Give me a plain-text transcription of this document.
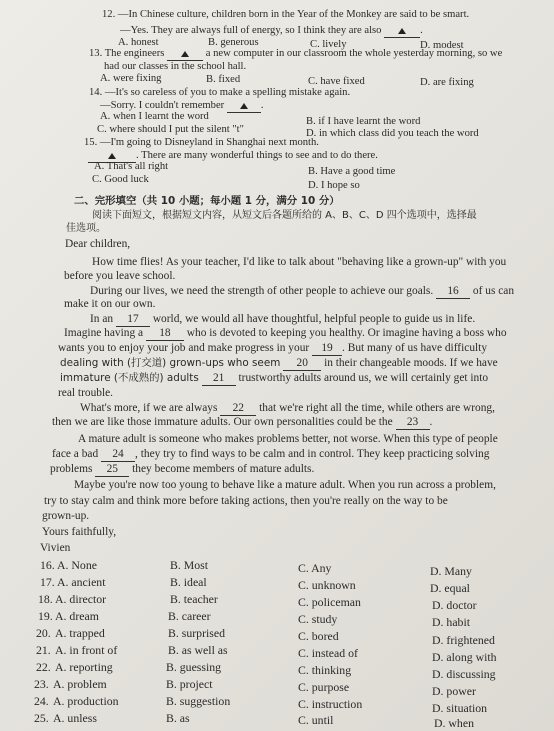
12. —In Chinese culture, children born in the Year of the Monkey are said to be smart.
—Yes. They are always full of energy, so I think they are also	.
A. honest	B. generous	C. lively	D. modest
13. The engineers	a new computer in our classroom the whole yesterday morning, so we
had our classes in the school hall.
A. were fixing	B. fixed	C. have fixed	D. are fixing
14. —It's so careless of you to make a spelling mistake again.
—Sorry. I couldn't remember	.
A. when I learnt the word	B. if I have learnt the word
C. where should I put the silent "t"	D. in which class did you teach the word
15. —I'm going to Disneyland in Shanghai next month.
. There are many wonderful things to see and to do there.
A. That's all right	B. Have a good time
C. Good luck
D. I hope so
二、完形填空（共 10 小题；每小题 1 分，满分 10 分）
阅读下面短文，根据短文内容，从短文后各题所给的 A、B、C、D 四个选项中，选择最
佳选项。
Dear children,
How time flies! As your teacher, I'd like to talk about "behaving like a grown-up" with you
before you leave school.
During our lives, we need the strength of other people to achieve our goals. 16 of us can
make it on our own.
In an 17 world, we would all have thoughtful, helpful people to guide us in life.
Imagine having a 18 who is devoted to keeping you healthy. Or imagine having a boss who
wants you to enjoy your job and make progress in your 19 . But many of us have difficulty
dealing with (打交道) grown-ups who seem 20 in their changeable moods. If we have
immature (不成熟的) adults 21 trustworthy adults around us, we will certainly get into
real trouble.
What's more, if we are always 22 that we're right all the time, while others are wrong,
then we are like those immature adults. Our own personalities could be the 23 .
A mature adult is someone who makes problems better, not worse. When this type of people
face a bad 24 , they try to find ways to be calm and in control. They keep practicing solving
problems 25 they become members of mature adults.
Maybe you're now too young to behave like a mature adult. When you run across a problem,
try to stay calm and think more before taking actions, then you're really on the way to be
grown-up.
Yours faithfully,
Vivien
16. A. None	B. Most	C. Any	D. Many
17. A. ancient	B. ideal	C. unknown	D. equal
18. A. director	B. teacher	C. policeman	D. doctor
19. A. dream	B. career	C. study	D. habit
20. A. trapped	B. surprised	C. bored	D. frightened
21. A. in front of	B. as well as	C. instead of	D. along with
22. A. reporting	B. guessing	C. thinking	D. discussing
23. A. problem	B. project	C. purpose	D. power
24. A. production	B. suggestion	C. instruction	D. situation
25. A. unless	B. as	C. until	D. when
